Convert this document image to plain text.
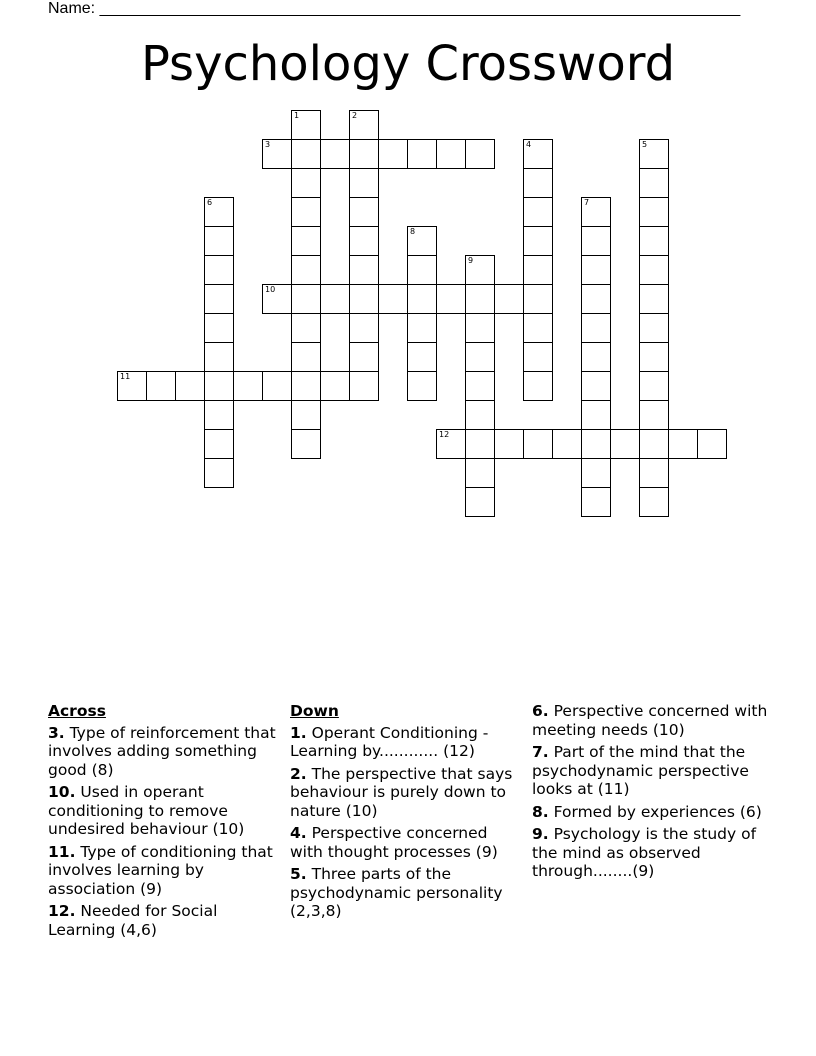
Name: ________________________________________________________________________
Psychology Crossword
1	2
3	4	5
6	7
8
9
10
11
12
Across
3. Type of reinforcement that involves adding something good (8)
10. Used in operant conditioning to remove undesired behaviour (10)
11. Type of conditioning that involves learning by association (9)
12. Needed for Social Learning (4,6)
Down
1. Operant Conditioning - Learning by............ (12)
2. The perspective that says behaviour is purely down to nature (10)
4. Perspective concerned with thought processes (9)
5. Three parts of the psychodynamic personality (2,3,8)
6. Perspective concerned with meeting needs (10)
7. Part of the mind that the psychodynamic perspective looks at (11)
8. Formed by experiences (6)
9. Psychology is the study of the mind as observed through........(9)
